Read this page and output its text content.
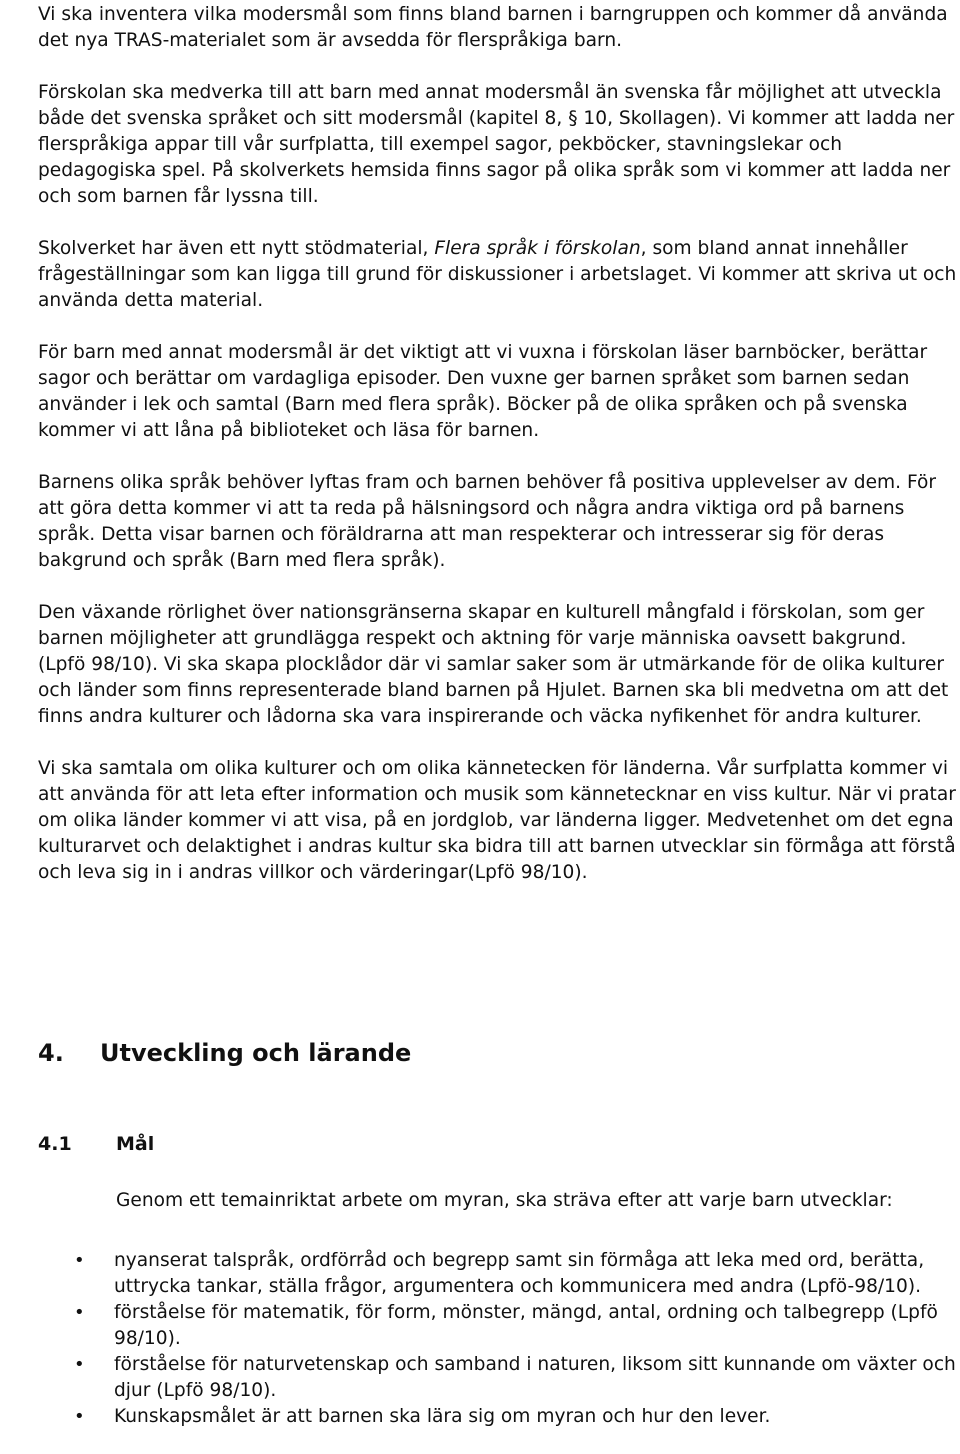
Vi ska inventera vilka modersmål som finns bland barnen i barngruppen och kommer då använda det nya TRAS-materialet som är avsedda för flerspråkiga barn.

Förskolan ska medverka till att barn med annat modersmål än svenska får möjlighet att utveckla både det svenska språket och sitt modersmål (kapitel 8, § 10, Skollagen). Vi kommer att ladda ner flerspråkiga appar till vår surfplatta, till exempel sagor, pekböcker, stavningslekar och pedagogiska spel. På skolverkets hemsida finns sagor på olika språk som vi kommer att ladda ner och som barnen får lyssna till.

Skolverket har även ett nytt stödmaterial, Flera språk i förskolan, som bland annat innehåller frågeställningar som kan ligga till grund för diskussioner i arbetslaget. Vi kommer att skriva ut och använda detta material.

För barn med annat modersmål är det viktigt att vi vuxna i förskolan läser barnböcker, berättar sagor och berättar om vardagliga episoder. Den vuxne ger barnen språket som barnen sedan använder i lek och samtal (Barn med flera språk). Böcker på de olika språken och på svenska kommer vi att låna på biblioteket och läsa för barnen.

Barnens olika språk behöver lyftas fram och barnen behöver få positiva upplevelser av dem. För att göra detta kommer vi att ta reda på hälsningsord och några andra viktiga ord på barnens språk. Detta visar barnen och föräldrarna att man respekterar och intresserar sig för deras bakgrund och språk (Barn med flera språk).

Den växande rörlighet över nationsgränserna skapar en kulturell mångfald i förskolan, som ger barnen möjligheter att grundlägga respekt och aktning för varje människa oavsett bakgrund. (Lpfö 98/10). Vi ska skapa plocklådor där vi samlar saker som är utmärkande för de olika kulturer och länder som finns representerade bland barnen på Hjulet. Barnen ska bli medvetna om att det finns andra kulturer och lådorna ska vara inspirerande och väcka nyfikenhet för andra kulturer.

Vi ska samtala om olika kulturer och om olika kännetecken för länderna. Vår surfplatta kommer vi att använda för att leta efter information och musik som kännetecknar en viss kultur. När vi pratar om olika länder kommer vi att visa, på en jordglob, var länderna ligger. Medvetenhet om det egna kulturarvet och delaktighet i andras kultur ska bidra till att barnen utvecklar sin förmåga att förstå och leva sig in i andras villkor och värderingar(Lpfö 98/10).

4. Utveckling och lärande
4.1 Mål

Genom ett temainriktat arbete om myran, ska sträva efter att varje barn utvecklar:

• nyanserat talspråk, ordförråd och begrepp samt sin förmåga att leka med ord, berätta, uttrycka tankar, ställa frågor, argumentera och kommunicera med andra (Lpfö-98/10).
• förståelse för matematik, för form, mönster, mängd, antal, ordning och talbegrepp (Lpfö 98/10).
• förståelse för naturvetenskap och samband i naturen, liksom sitt kunnande om växter och djur (Lpfö 98/10).
• Kunskapsmålet är att barnen ska lära sig om myran och hur den lever.
